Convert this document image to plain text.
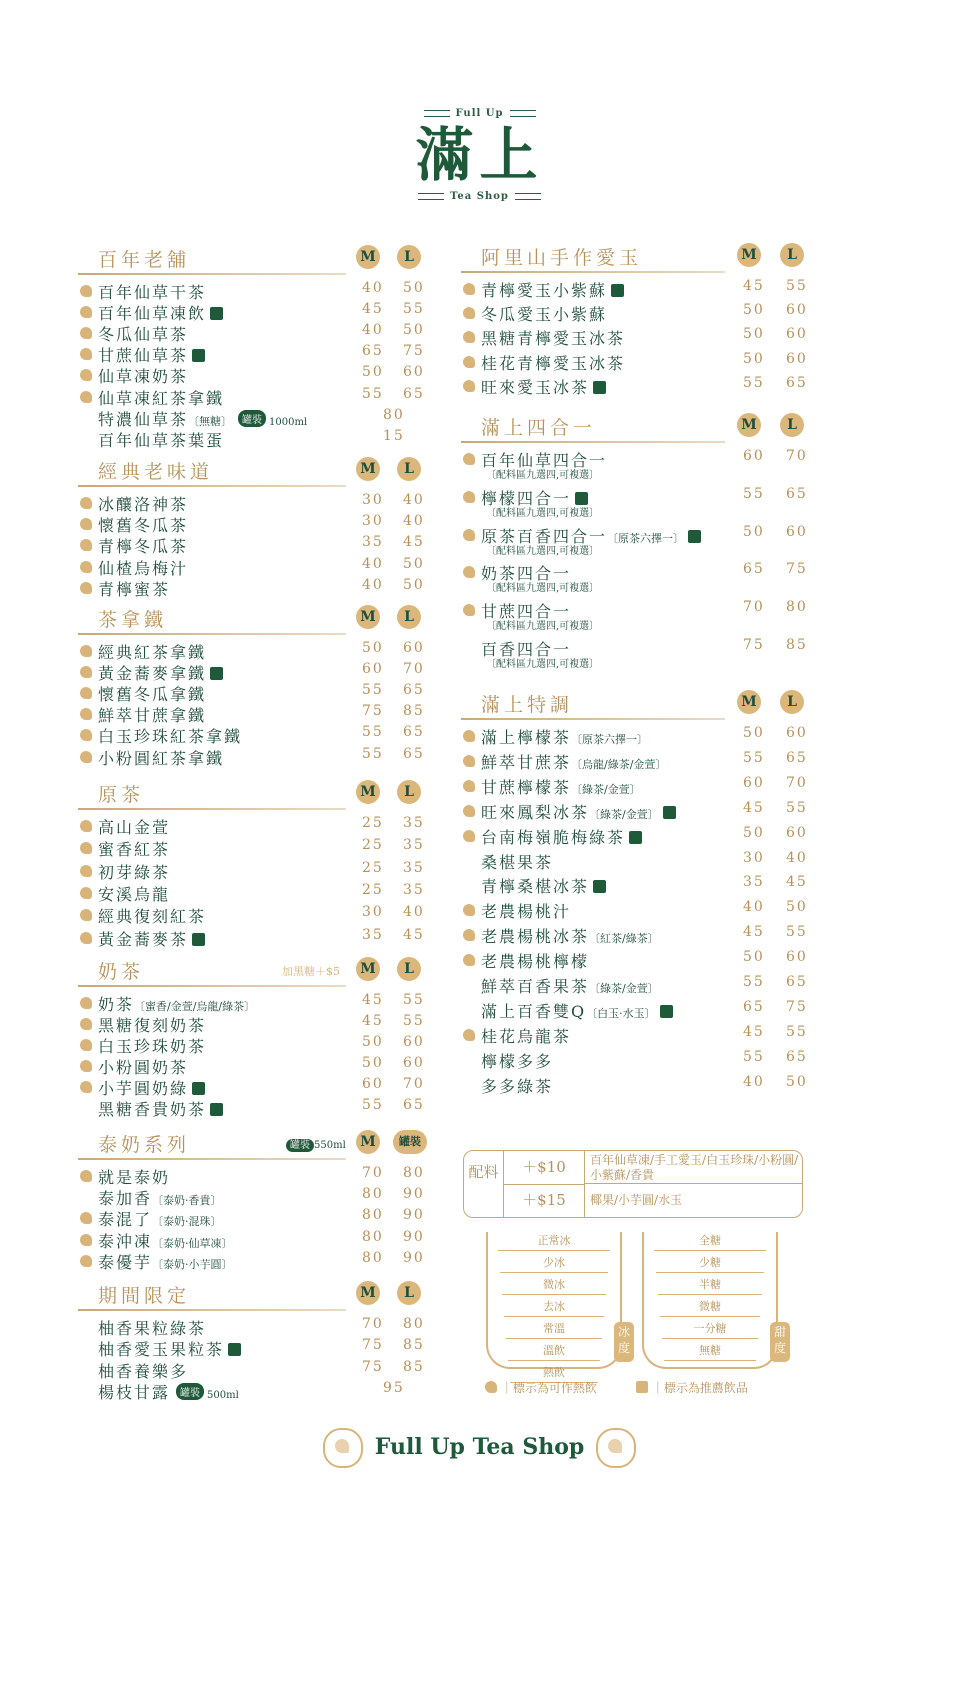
Full Up
滿上
Tea Shop
百年老舖	M	L
百年仙草干茶	40 50
百年仙草凍飲	45 55
冬瓜仙草茶	40 50
甘蔗仙草茶	65 75
仙草凍奶茶	50 60
仙草凍紅茶拿鐵	55 65
特濃仙草茶〔無糖〕 罐裝 1000ml	80
百年仙草茶葉蛋	15
經典老味道	M	L
冰釀洛神茶	30 40
懷舊冬瓜茶	30 40
青檸冬瓜茶	35 45
仙楂烏梅汁	40 50
青檸蜜茶	40 50
茶拿鐵	M	L
經典紅茶拿鐵	50 60
黃金蕎麥拿鐵	60 70
懷舊冬瓜拿鐵	55 65
鮮萃甘蔗拿鐵	75 85
白玉珍珠紅茶拿鐵	55 65
小粉圓紅茶拿鐵	55 65
原茶	M	L
高山金萱	25 35
蜜香紅茶	25 35
初芽綠茶	25 35
安溪烏龍	25 35
經典復刻紅茶	30 40
黃金蕎麥茶	35 45
奶茶	加黑糖＋$5	M	L
奶茶〔蜜香/金萱/烏龍/綠茶〕	45 55
黑糖復刻奶茶	45 55
白玉珍珠奶茶	50 60
小粉圓奶茶	50 60
小芋圓奶綠	60 70
黑糖香貴奶茶	55 65
泰奶系列	罐裝 550ml	M	罐裝
就是泰奶	70 80
泰加香〔泰奶·香貴〕	80 90
泰混了〔泰奶·混珠〕	80 90
泰沖凍〔泰奶·仙草凍〕	80 90
泰優芋〔泰奶·小芋圓〕	80 90
期間限定	M	L
柚香果粒綠茶	70 80
柚香愛玉果粒茶	75 85
柚香養樂多	75 85
楊枝甘露 罐裝 500ml	95
阿里山手作愛玉	M	L
青檸愛玉小紫蘇	45 55
冬瓜愛玉小紫蘇	50 60
黑糖青檸愛玉冰茶	50 60
桂花青檸愛玉冰茶	50 60
旺來愛玉冰茶	55 65
滿上四合一	M	L
百年仙草四合一	60 70
〔配料區九選四,可複選〕
檸檬四合一	55 65
〔配料區九選四,可複選〕
原茶百香四合一〔原茶六擇一〕	50 60
〔配料區九選四,可複選〕
奶茶四合一	65 75
〔配料區九選四,可複選〕
甘蔗四合一	70 80
〔配料區九選四,可複選〕
百香四合一	75 85
〔配料區九選四,可複選〕
滿上特調	M	L
滿上檸檬茶〔原茶六擇一〕	50 60
鮮萃甘蔗茶〔烏龍/綠茶/金萱〕	55 65
甘蔗檸檬茶〔綠茶/金萱〕	60 70
旺來鳳梨冰茶〔綠茶/金萱〕	45 55
台南梅嶺脆梅綠茶	50 60
桑椹果茶	30 40
青檸桑椹冰茶	35 45
老農楊桃汁	40 50
老農楊桃冰茶〔紅茶/綠茶〕	45 55
老農楊桃檸檬	50 60
鮮萃百香果茶〔綠茶/金萱〕	55 65
滿上百香雙Q〔白玉·水玉〕	65 75
桂花烏龍茶	45 55
檸檬多多	55 65
多多綠茶	40 50
配料	＋$10	百年仙草凍/手工愛玉/白玉珍珠/小粉圓/小紫蘇/香貴
＋$15	椰果/小芋圓/水玉
冰度
正常冰
少冰
微冰
去冰
常溫
溫飲
熱飲
甜度
全糖
少糖
半糖
微糖
一分糖
無糖
｜標示為可作熱飲	｜標示為推薦飲品
Full Up Tea Shop
